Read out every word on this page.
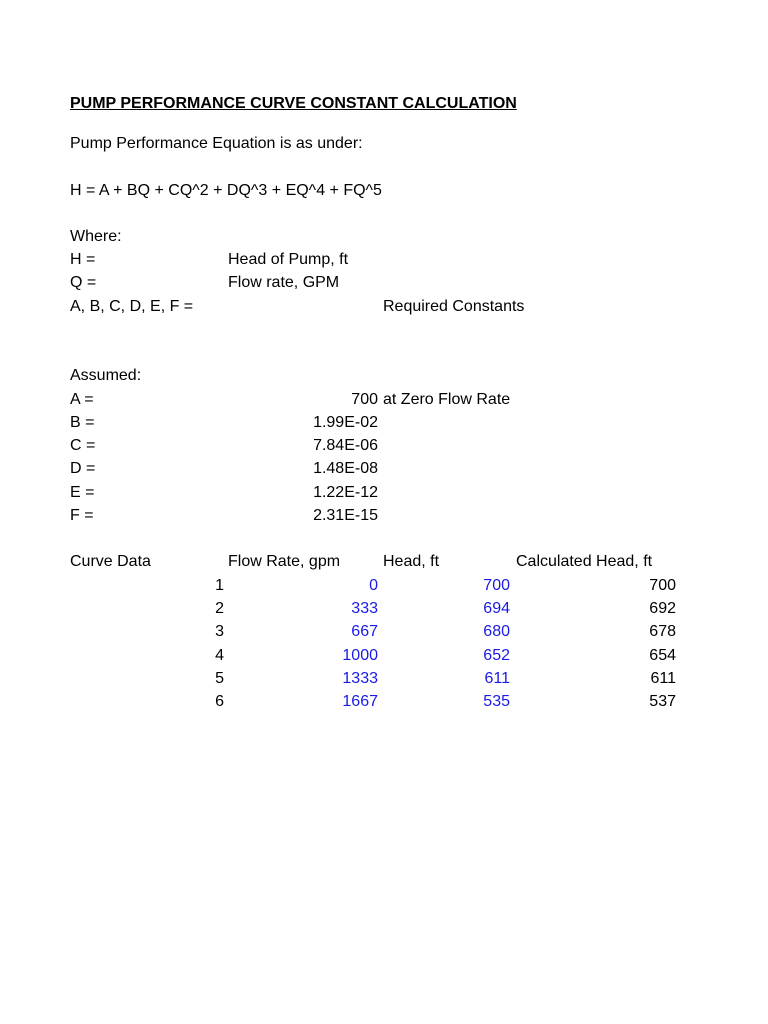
PUMP PERFORMANCE CURVE CONSTANT CALCULATION
Pump Performance Equation is as under:
H = A + BQ + CQ^2 + DQ^3 + EQ^4 + FQ^5
Where:
H =	Head of Pump, ft
Q =	Flow rate, GPM
A, B, C, D, E, F =	Required Constants
Assumed:
A =	700 at Zero Flow Rate
B =	1.99E-02
C =	7.84E-06
D =	1.48E-08
E =	1.22E-12
F =	2.31E-15
Curve Data	Flow Rate, gpm	Head, ft	Calculated Head, ft
1	0	700	700
2	333	694	692
3	667	680	678
4	1000	652	654
5	1333	611	611
6	1667	535	537
